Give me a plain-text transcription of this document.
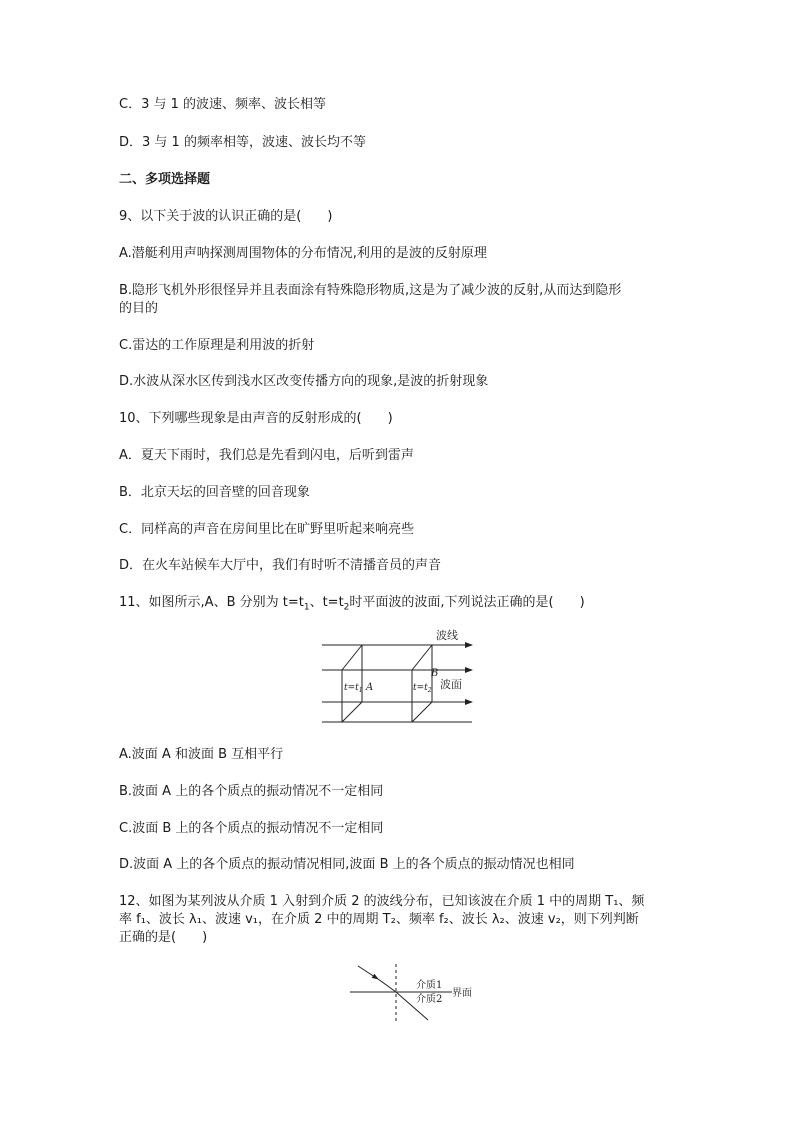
C．3 与 1 的波速、频率、波长相等
D．3 与 1 的频率相等，波速、波长均不等
二、多项选择题
9、以下关于波的认识正确的是(　　)
A.潜艇利用声呐探测周围物体的分布情况,利用的是波的反射原理
B.隐形飞机外形很怪异并且表面涂有特殊隐形物质,这是为了减少波的反射,从而达到隐形
的目的
C.雷达的工作原理是利用波的折射
D.水波从深水区传到浅水区改变传播方向的现象,是波的折射现象
10、下列哪些现象是由声音的反射形成的(　　)
A．夏天下雨时，我们总是先看到闪电，后听到雷声
B．北京天坛的回音壁的回音现象
C．同样高的声音在房间里比在旷野里听起来响亮些
D．在火车站候车大厅中，我们有时听不清播音员的声音
11、如图所示,A、B 分别为 $t=t_1$、$t=t_2$时平面波的波面,下列说法正确的是(　　)
波线
波面
B
A
$t=t_1$	$t=t_2$
A.波面 A 和波面 B 互相平行
B.波面 A 上的各个质点的振动情况不一定相同
C.波面 B 上的各个质点的振动情况不一定相同
D.波面 A 上的各个质点的振动情况相同,波面 B 上的各个质点的振动情况也相同
12、如图为某列波从介质 1 入射到介质 2 的波线分布，已知该波在介质 1 中的周期 T₁、频
率 f₁、波长 λ₁、波速 v₁，在介质 2 中的周期 T₂、频率 f₂、波长 λ₂、波速 v₂，则下列判断
正确的是(　　)
介质1
介质2
界面
